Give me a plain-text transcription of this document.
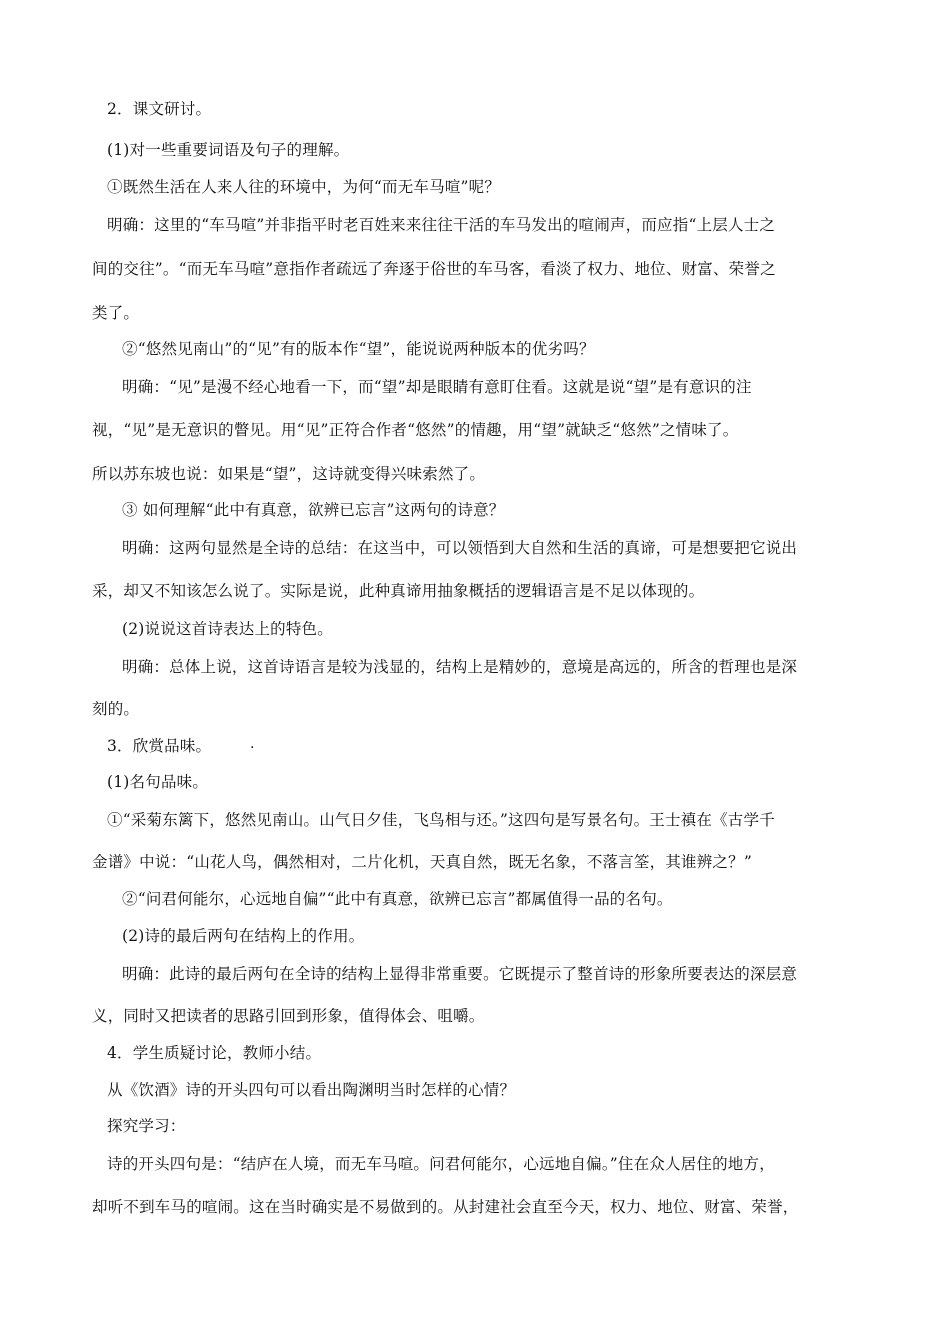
2．课文研讨。
(1)对一些重要词语及句子的理解。
①既然生活在人来人往的环境中，为何“而无车马喧”呢？
明确：这里的“车马喧”并非指平时老百姓来来往往干活的车马发出的喧闹声，而应指“上层人士之
间的交往”。“而无车马喧”意指作者疏远了奔逐于俗世的车马客，看淡了权力、地位、财富、荣誉之
类了。
②“悠然见南山”的“见”有的版本作“望”，能说说两种版本的优劣吗？
明确：“见”是漫不经心地看一下，而“望”却是眼睛有意盯住看。这就是说“望”是有意识的注
视，“见”是无意识的瞥见。用“见”正符合作者“悠然”的情趣，用“望”就缺乏“悠然”之情味了。
所以苏东坡也说：如果是“望”，这诗就变得兴味索然了。
③ 如何理解“此中有真意，欲辨已忘言”这两句的诗意？
明确：这两句显然是全诗的总结：在这当中，可以领悟到大自然和生活的真谛，可是想要把它说出
采，却又不知该怎么说了。实际是说，此种真谛用抽象概括的逻辑语言是不足以体现的。
(2)说说这首诗表达上的特色。
明确：总体上说，这首诗语言是较为浅显的，结构上是精妙的，意境是高远的，所含的哲理也是深
刻的。
3．欣赏品味。	.
(1)名句品味。
①“采菊东篱下，悠然见南山。山气日夕佳，飞鸟相与还。”这四句是写景名句。王士禛在《古学千
金谱》中说：“山花人鸟，偶然相对，二片化机，天真自然，既无名象，不落言筌，其谁辨之？”
②“问君何能尔，心远地自偏”“此中有真意，欲辨已忘言”都属值得一品的名句。
(2)诗的最后两句在结构上的作用。
明确：此诗的最后两句在全诗的结构上显得非常重要。它既提示了整首诗的形象所要表达的深层意
义，同时又把读者的思路引回到形象，值得体会、咀嚼。
4．学生质疑讨论，教师小结。
从《饮酒》诗的开头四句可以看出陶渊明当时怎样的心情？
探究学习：
诗的开头四句是：“结庐在人境，而无车马喧。问君何能尔，心远地自偏。”住在众人居住的地方，
却听不到车马的喧闹。这在当时确实是不易做到的。从封建社会直至今天，权力、地位、财富、荣誉，
